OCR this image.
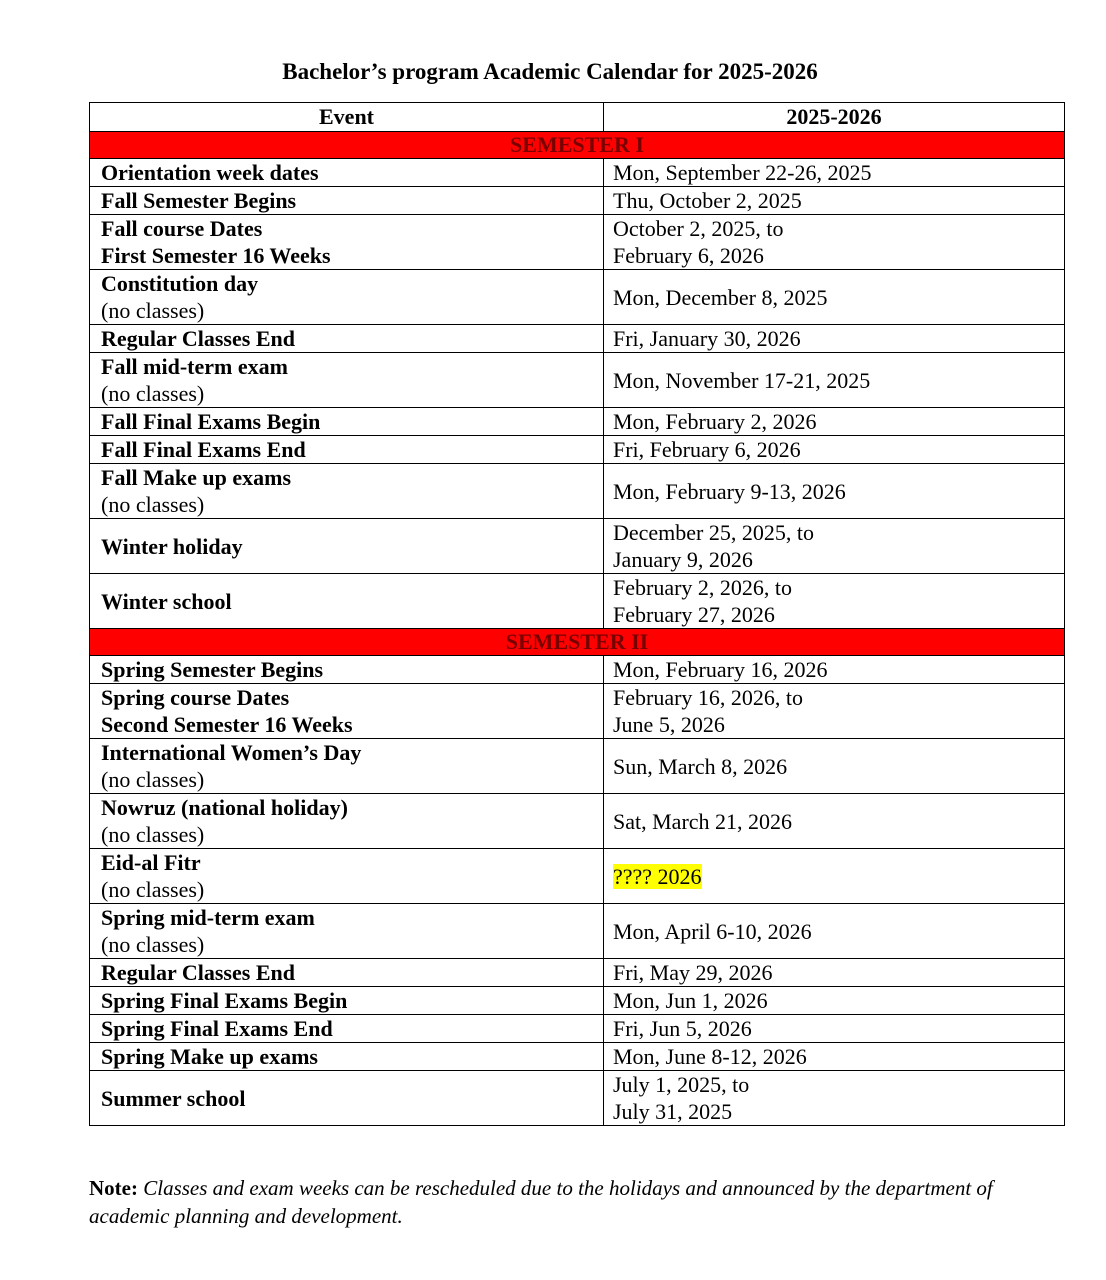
Bachelor’s program Academic Calendar for 2025-2026
Event	2025-2026
SEMESTER I	

Orientation week dates	Mon, September 22-26, 2025

Fall Semester Begins	Thu, October 2, 2025

Fall course Dates
First Semester 16 Weeks	October 2, 2025, to
February 6, 2026

Constitution day
(no classes)	Mon, December 8, 2025

Regular Classes End	Fri, January 30, 2026

Fall mid-term exam
(no classes)	Mon, November 17-21, 2025

Fall Final Exams Begin	Mon, February 2, 2026

Fall Final Exams End	Fri, February 6, 2026

Fall Make up exams
(no classes)	Mon, February 9-13, 2026

Winter holiday	December 25, 2025, to
January 9, 2026

Winter school	February 2, 2026, to
February 27, 2026

SEMESTER II	

Spring Semester Begins	Mon, February 16, 2026

Spring course Dates
Second Semester 16 Weeks	February 16, 2026, to
June 5, 2026

International Women’s Day
(no classes)	Sun, March 8, 2026

Nowruz (national holiday)
(no classes)	Sat, March 21, 2026

Eid-al Fitr
(no classes)	???? 2026

Spring mid-term exam
(no classes)	Mon, April 6-10, 2026

Regular Classes End	Fri, May 29, 2026

Spring Final Exams Begin	Mon, Jun 1, 2026

Spring Final Exams End	Fri, Jun 5, 2026

Spring Make up exams	Mon, June 8-12, 2026

Summer school	July 1, 2025, to
July 31, 2025
Note: Classes and exam weeks can be rescheduled due to the holidays and announced by the department of academic planning and development.
